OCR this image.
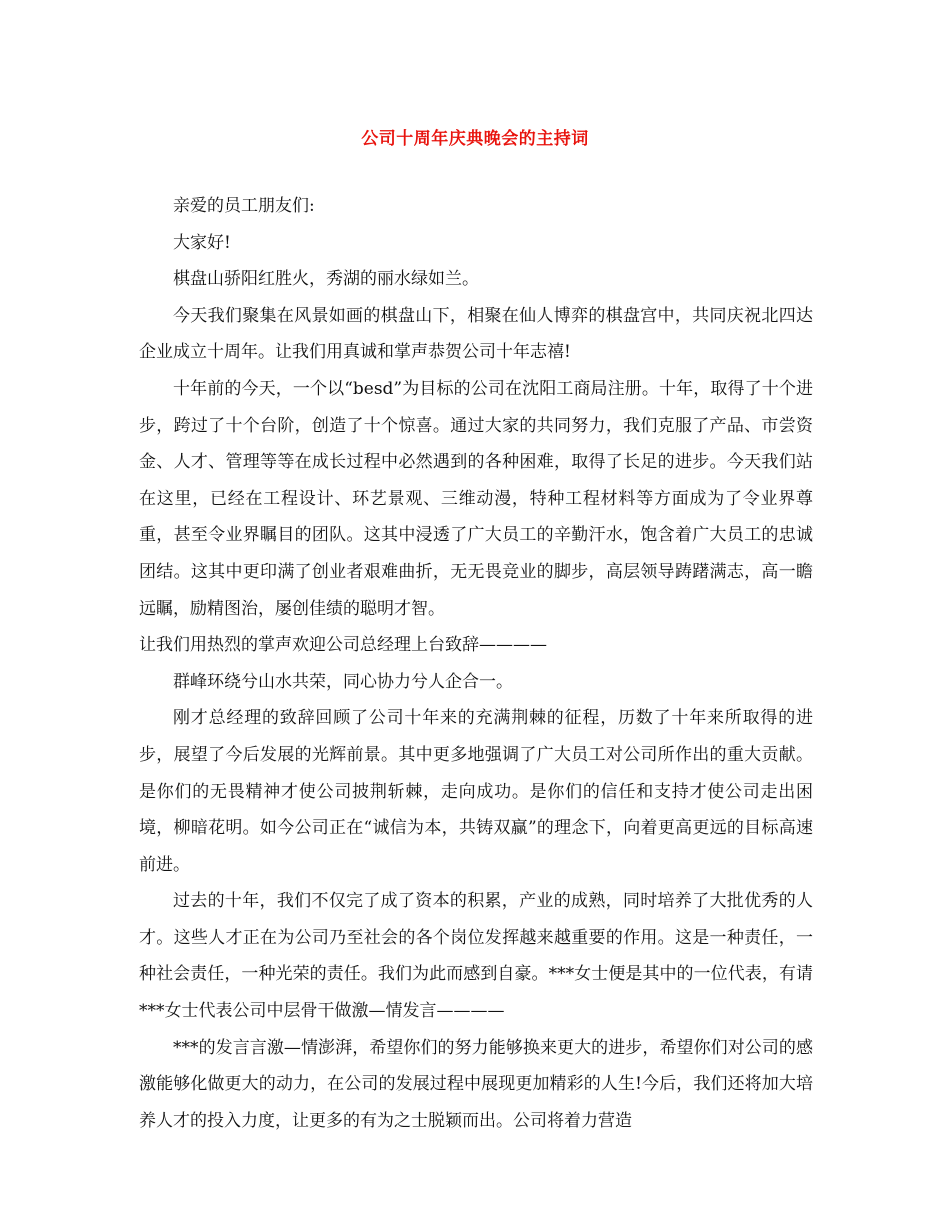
公司十周年庆典晚会的主持词

亲爱的员工朋友们:

大家好!

棋盘山骄阳红胜火，秀湖的丽水绿如兰。

今天我们聚集在风景如画的棋盘山下，相聚在仙人博弈的棋盘宫中，共同庆祝北四达企业成立十周年。让我们用真诚和掌声恭贺公司十年志禧!

十年前的今天，一个以“besd”为目标的公司在沈阳工商局注册。十年，取得了十个进步，跨过了十个台阶，创造了十个惊喜。通过大家的共同努力，我们克服了产品、市尝资金、人才、管理等等在成长过程中必然遇到的各种困难，取得了长足的进步。今天我们站在这里，已经在工程设计、环艺景观、三维动漫，特种工程材料等方面成为了令业界尊重，甚至令业界瞩目的团队。这其中浸透了广大员工的辛勤汗水，饱含着广大员工的忠诚团结。这其中更印满了创业者艰难曲折，无无畏竞业的脚步，高层领导踌躇满志，高一瞻远瞩，励精图治，屡创佳绩的聪明才智。

让我们用热烈的掌声欢迎公司总经理上台致辞————

群峰环绕兮山水共荣，同心协力兮人企合一。

刚才总经理的致辞回顾了公司十年来的充满荆棘的征程，历数了十年来所取得的进步，展望了今后发展的光辉前景。其中更多地强调了广大员工对公司所作出的重大贡献。是你们的无畏精神才使公司披荆斩棘，走向成功。是你们的信任和支持才使公司走出困境，柳暗花明。如今公司正在“诚信为本，共铸双赢”的理念下，向着更高更远的目标高速前进。

过去的十年，我们不仅完了成了资本的积累，产业的成熟，同时培养了大批优秀的人才。这些人才正在为公司乃至社会的各个岗位发挥越来越重要的作用。这是一种责任，一种社会责任，一种光荣的责任。我们为此而感到自豪。***女士便是其中的一位代表，有请***女士代表公司中层骨干做激—情发言————

***的发言言激—情澎湃，希望你们的努力能够换来更大的进步，希望你们对公司的感激能够化做更大的动力，在公司的发展过程中展现更加精彩的人生!今后，我们还将加大培养人才的投入力度，让更多的有为之士脱颖而出。公司将着力营造
